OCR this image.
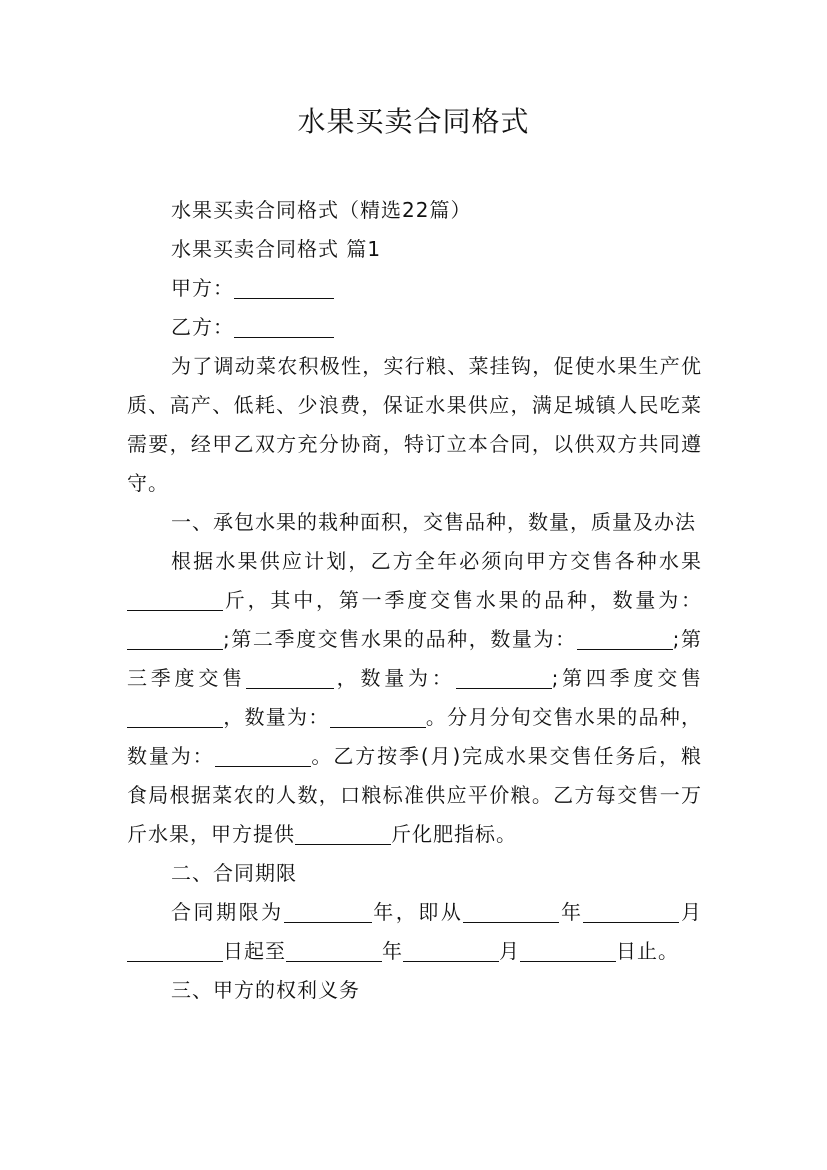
水果买卖合同格式

水果买卖合同格式（精选22篇）

水果买卖合同格式 篇1

甲方：

乙方：

为了调动菜农积极性，实行粮、菜挂钩，促使水果生产优质、高产、低耗、少浪费，保证水果供应，满足城镇人民吃菜需要，经甲乙双方充分协商，特订立本合同，以供双方共同遵守。

一、承包水果的栽种面积，交售品种，数量，质量及办法

根据水果供应计划，乙方全年必须向甲方交售各种水果斤，其中，第一季度交售水果的品种，数量为：;第二季度交售水果的品种，数量为：	;第三季度交售	，数量为：	;第四季度交售，数量为：	。分月分旬交售水果的品种，数量为：	。乙方按季(月)完成水果交售任务后，粮食局根据菜农的人数，口粮标准供应平价粮。乙方每交售一万斤水果，甲方提供	斤化肥指标。

二、合同期限

合同期限为	年，即从	年	月日起至	年	月	日止。

三、甲方的权利义务
